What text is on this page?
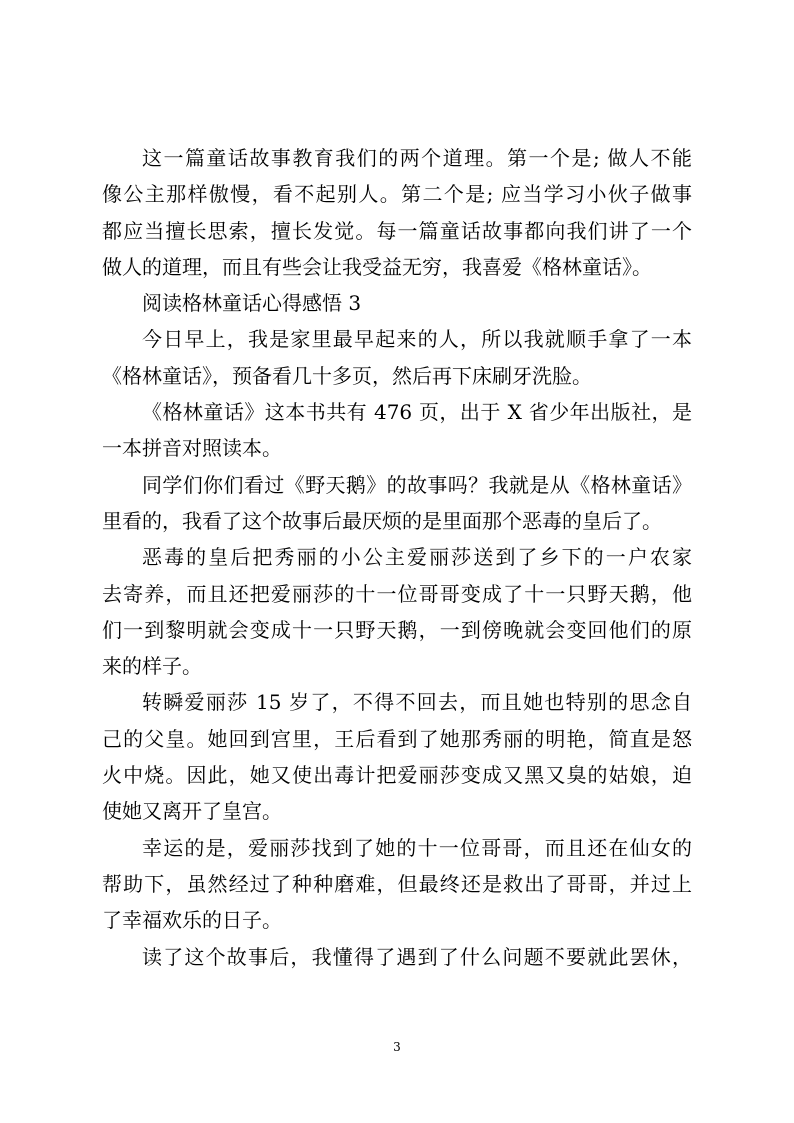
这一篇童话故事教育我们的两个道理。第一个是; 做人不能
像公主那样傲慢，看不起别人。第二个是; 应当学习小伙子做事
都应当擅长思索，擅长发觉。每一篇童话故事都向我们讲了一个
做人的道理，而且有些会让我受益无穷，我喜爱《格林童话》。
阅读格林童话心得感悟 3
今日早上，我是家里最早起来的人，所以我就顺手拿了一本
《格林童话》，预备看几十多页，然后再下床刷牙洗脸。
《格林童话》这本书共有 476 页，出于 X 省少年出版社，是
一本拼音对照读本。
同学们你们看过《野天鹅》的故事吗？我就是从《格林童话》
里看的，我看了这个故事后最厌烦的是里面那个恶毒的皇后了。
恶毒的皇后把秀丽的小公主爱丽莎送到了乡下的一户农家
去寄养，而且还把爱丽莎的十一位哥哥变成了十一只野天鹅，他
们一到黎明就会变成十一只野天鹅，一到傍晚就会变回他们的原
来的样子。
转瞬爱丽莎 15 岁了，不得不回去，而且她也特别的思念自
己的父皇。她回到宫里，王后看到了她那秀丽的明艳，简直是怒
火中烧。因此，她又使出毒计把爱丽莎变成又黑又臭的姑娘，迫
使她又离开了皇宫。
幸运的是，爱丽莎找到了她的十一位哥哥，而且还在仙女的
帮助下，虽然经过了种种磨难，但最终还是救出了哥哥，并过上
了幸福欢乐的日子。
读了这个故事后，我懂得了遇到了什么问题不要就此罢休，
3
